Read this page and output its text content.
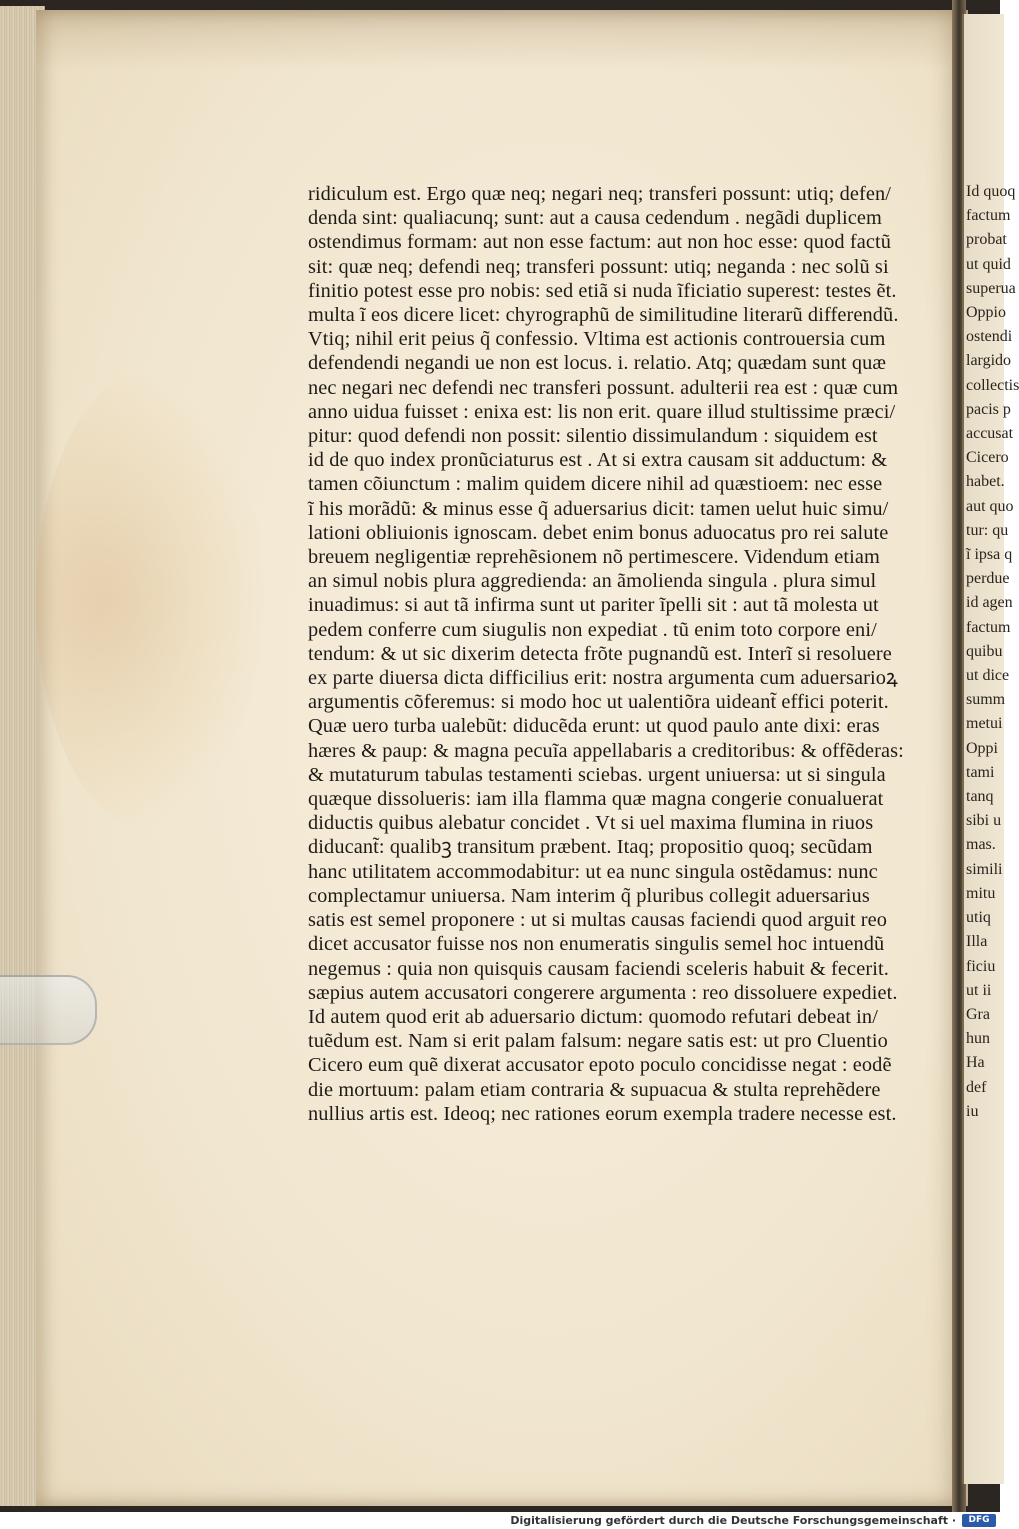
ridiculum est. Ergo quæ neq; negari neq; transferi possunt: utiq; defen/
denda sint: qualiacunq; sunt: aut a causa cedendum . negãdi duplicem
ostendimus formam: aut non esse factum: aut non hoc esse: quod factũ
sit: quæ neq; defendi neq; transferi possunt: utiq; neganda : nec solũ si
finitio potest esse pro nobis: sed etiã si nuda ĩficiatio superest: testes ẽt.
multa ĩ eos dicere licet: chyrographũ de similitudine literarũ differendũ.
Vtiq; nihil erit peius q̃ confessio. Vltima est actionis controuersia cum
defendendi negandi ue non est locus. i. relatio. Atq; quædam sunt quæ
nec negari nec defendi nec transferi possunt. adulterii rea est : quæ cum
anno uidua fuisset : enixa est: lis non erit. quare illud stultissime præci/
pitur: quod defendi non possit: silentio dissimulandum : siquidem est
id de quo index pronũciaturus est . At si extra causam sit adductum: &
tamen cõiunctum : malim quidem dicere nihil ad quæstioem: nec esse
ĩ his morãdũ: & minus esse q̃ aduersarius dicit: tamen uelut huic simu/
lationi obliuionis ignoscam. debet enim bonus aduocatus pro rei salute
breuem negligentiæ reprehẽsionem nõ pertimescere. Videndum etiam
an simul nobis plura aggredienda: an ãmolienda singula . plura simul
inuadimus: si aut tã infirma sunt ut pariter ĩpelli sit : aut tã molesta ut
pedem conferre cum siugulis non expediat . tũ enim toto corpore eni/
tendum: & ut sic dixerim detecta frõte pugnandũ est. Interĩ si resoluere
ex parte diuersa dicta difficilius erit: nostra argumenta cum aduersarioꝝ
argumentis cõferemus: si modo hoc ut ualentiõra uideant̃ effici poterit.
Quæ uero turba ualebũt: diducẽda erunt: ut quod paulo ante dixi: eras
hæres & paup: & magna pecuĩa appellabaris a creditoribus: & offẽderas:
& mutaturum tabulas testamenti sciebas. urgent uniuersa: ut si singula
quæque dissolueris: iam illa flamma quæ magna congerie conualuerat
diductis quibus alebatur concidet . Vt si uel maxima flumina in riuos
diducant̃: qualibꝫ transitum præbent. Itaq; propositio quoq; secũdam
hanc utilitatem accommodabitur: ut ea nunc singula ostẽdamus: nunc
complectamur uniuersa. Nam interim q̃ pluribus collegit aduersarius
satis est semel proponere : ut si multas causas faciendi quod arguit reo
dicet accusator fuisse nos non enumeratis singulis semel hoc intuendũ
negemus : quia non quisquis causam faciendi sceleris habuit & fecerit.
sæpius autem accusatori congerere argumenta : reo dissoluere expediet.
Id autem quod erit ab aduersario dictum: quomodo refutari debeat in/
tuẽdum est. Nam si erit palam falsum: negare satis est: ut pro Cluentio
Cicero eum quẽ dixerat accusator epoto poculo concidisse negat : eodẽ
die mortuum: palam etiam contraria & supuacua & stulta reprehẽdere
nullius artis est. Ideoq; nec rationes eorum exempla tradere necesse est.
Id quoq
factum
probat
ut quid
superua
Oppio
ostendi
largido
collectis
pacis p
accusat
Cicero
habet.
aut quo
tur: qu
ĩ ipsa q
perdue
id agen
factum
quibu
ut dice
summ
metui
Oppi
tami
tanq
sibi u
mas.
simili
mitu
utiq
Illa
ficiu
ut ii
Gra
hun
Ha
def
iu
Digitalisierung gefördert durch die Deutsche Forschungsgemeinschaft ·	DFG
